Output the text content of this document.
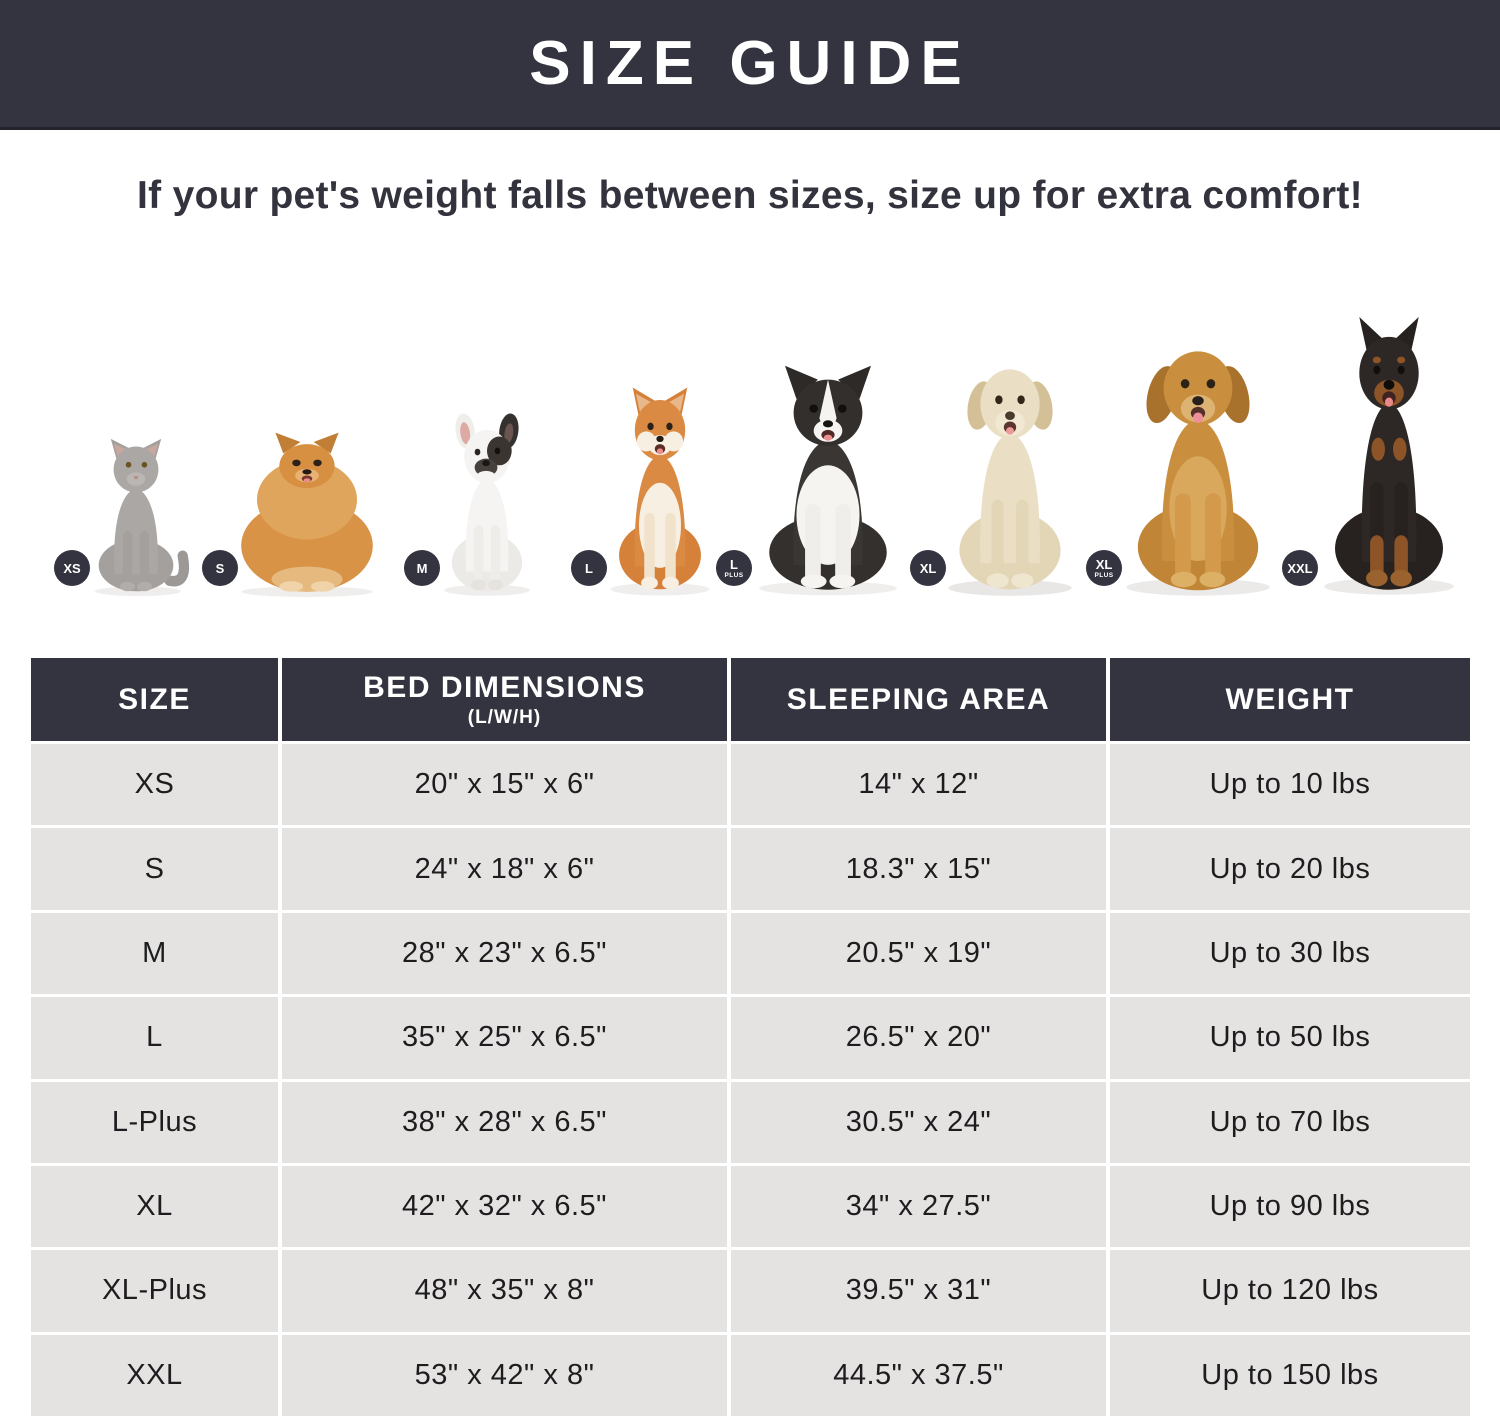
SIZE GUIDE
If your pet's weight falls between sizes, size up for extra comfort!
XS	S	M	L	L
PLUS	XL	XL
PLUS	XXL
SIZE	BED DIMENSIONS
(L/W/H)
SLEEPING AREA	WEIGHT
XS	20" x 15" x 6"	14" x 12"	Up to 10 lbs
S	24" x 18" x 6"	18.3" x 15"	Up to 20 lbs
M	28" x 23" x 6.5"	20.5" x 19"	Up to 30 lbs
L	35" x 25" x 6.5"	26.5" x 20"	Up to 50 lbs
L-Plus	38" x 28" x 6.5"	30.5" x 24"	Up to 70 lbs
XL	42" x 32" x 6.5"	34" x 27.5"	Up to 90 lbs
XL-Plus	48" x 35" x 8"	39.5" x 31"	Up to 120 lbs
XXL	53" x 42" x 8"	44.5" x 37.5"	Up to 150 lbs
